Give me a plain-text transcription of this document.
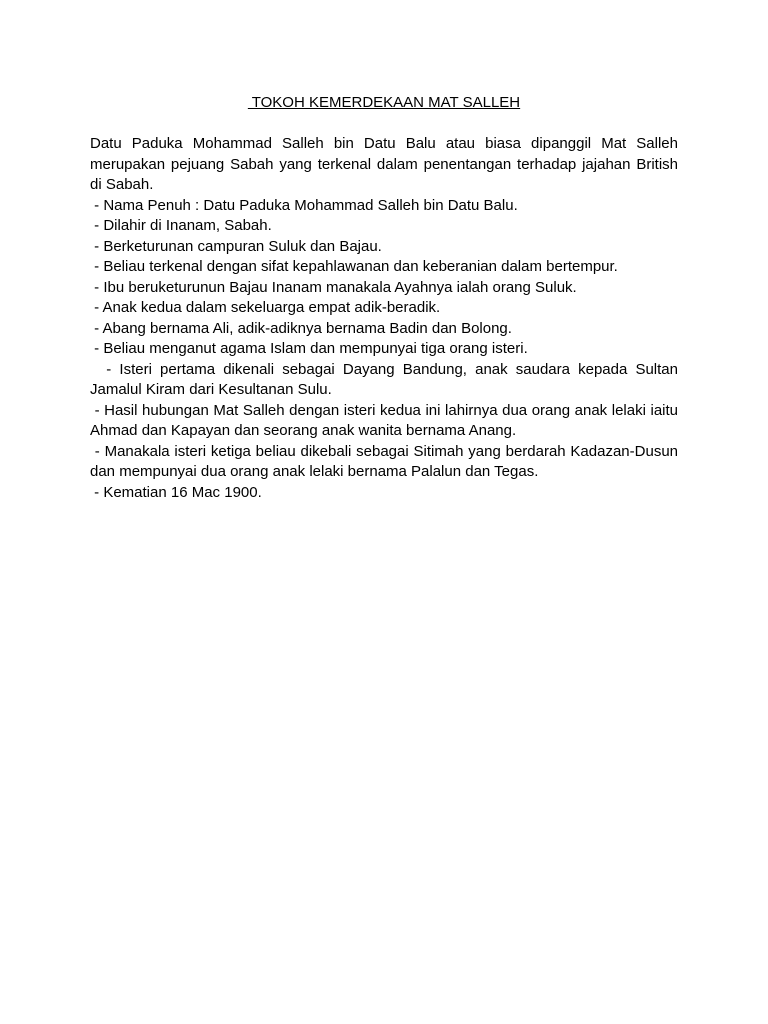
TOKOH KEMERDEKAAN MAT SALLEH

Datu Paduka Mohammad Salleh bin Datu Balu atau biasa dipanggil Mat Salleh merupakan pejuang Sabah yang terkenal dalam penentangan terhadap jajahan British di Sabah.

- Nama Penuh : Datu Paduka Mohammad Salleh bin Datu Balu.

- Dilahir di Inanam, Sabah.

- Berketurunan campuran Suluk dan Bajau.

- Beliau terkenal dengan sifat kepahlawanan dan keberanian dalam bertempur.

- Ibu beruketurunun Bajau Inanam manakala Ayahnya ialah orang Suluk.

- Anak kedua dalam sekeluarga empat adik-beradik.

- Abang bernama Ali, adik-adiknya bernama Badin dan Bolong.

- Beliau menganut agama Islam dan mempunyai tiga orang isteri.

- Isteri pertama dikenali sebagai Dayang Bandung, anak saudara kepada Sultan Jamalul Kiram dari Kesultanan Sulu.

- Hasil hubungan Mat Salleh dengan isteri kedua ini lahirnya dua orang anak lelaki iaitu Ahmad dan Kapayan dan seorang anak wanita bernama Anang.

- Manakala isteri ketiga beliau dikebali sebagai Sitimah yang berdarah Kadazan-Dusun dan mempunyai dua orang anak lelaki bernama Palalun dan Tegas.

- Kematian 16 Mac 1900.
